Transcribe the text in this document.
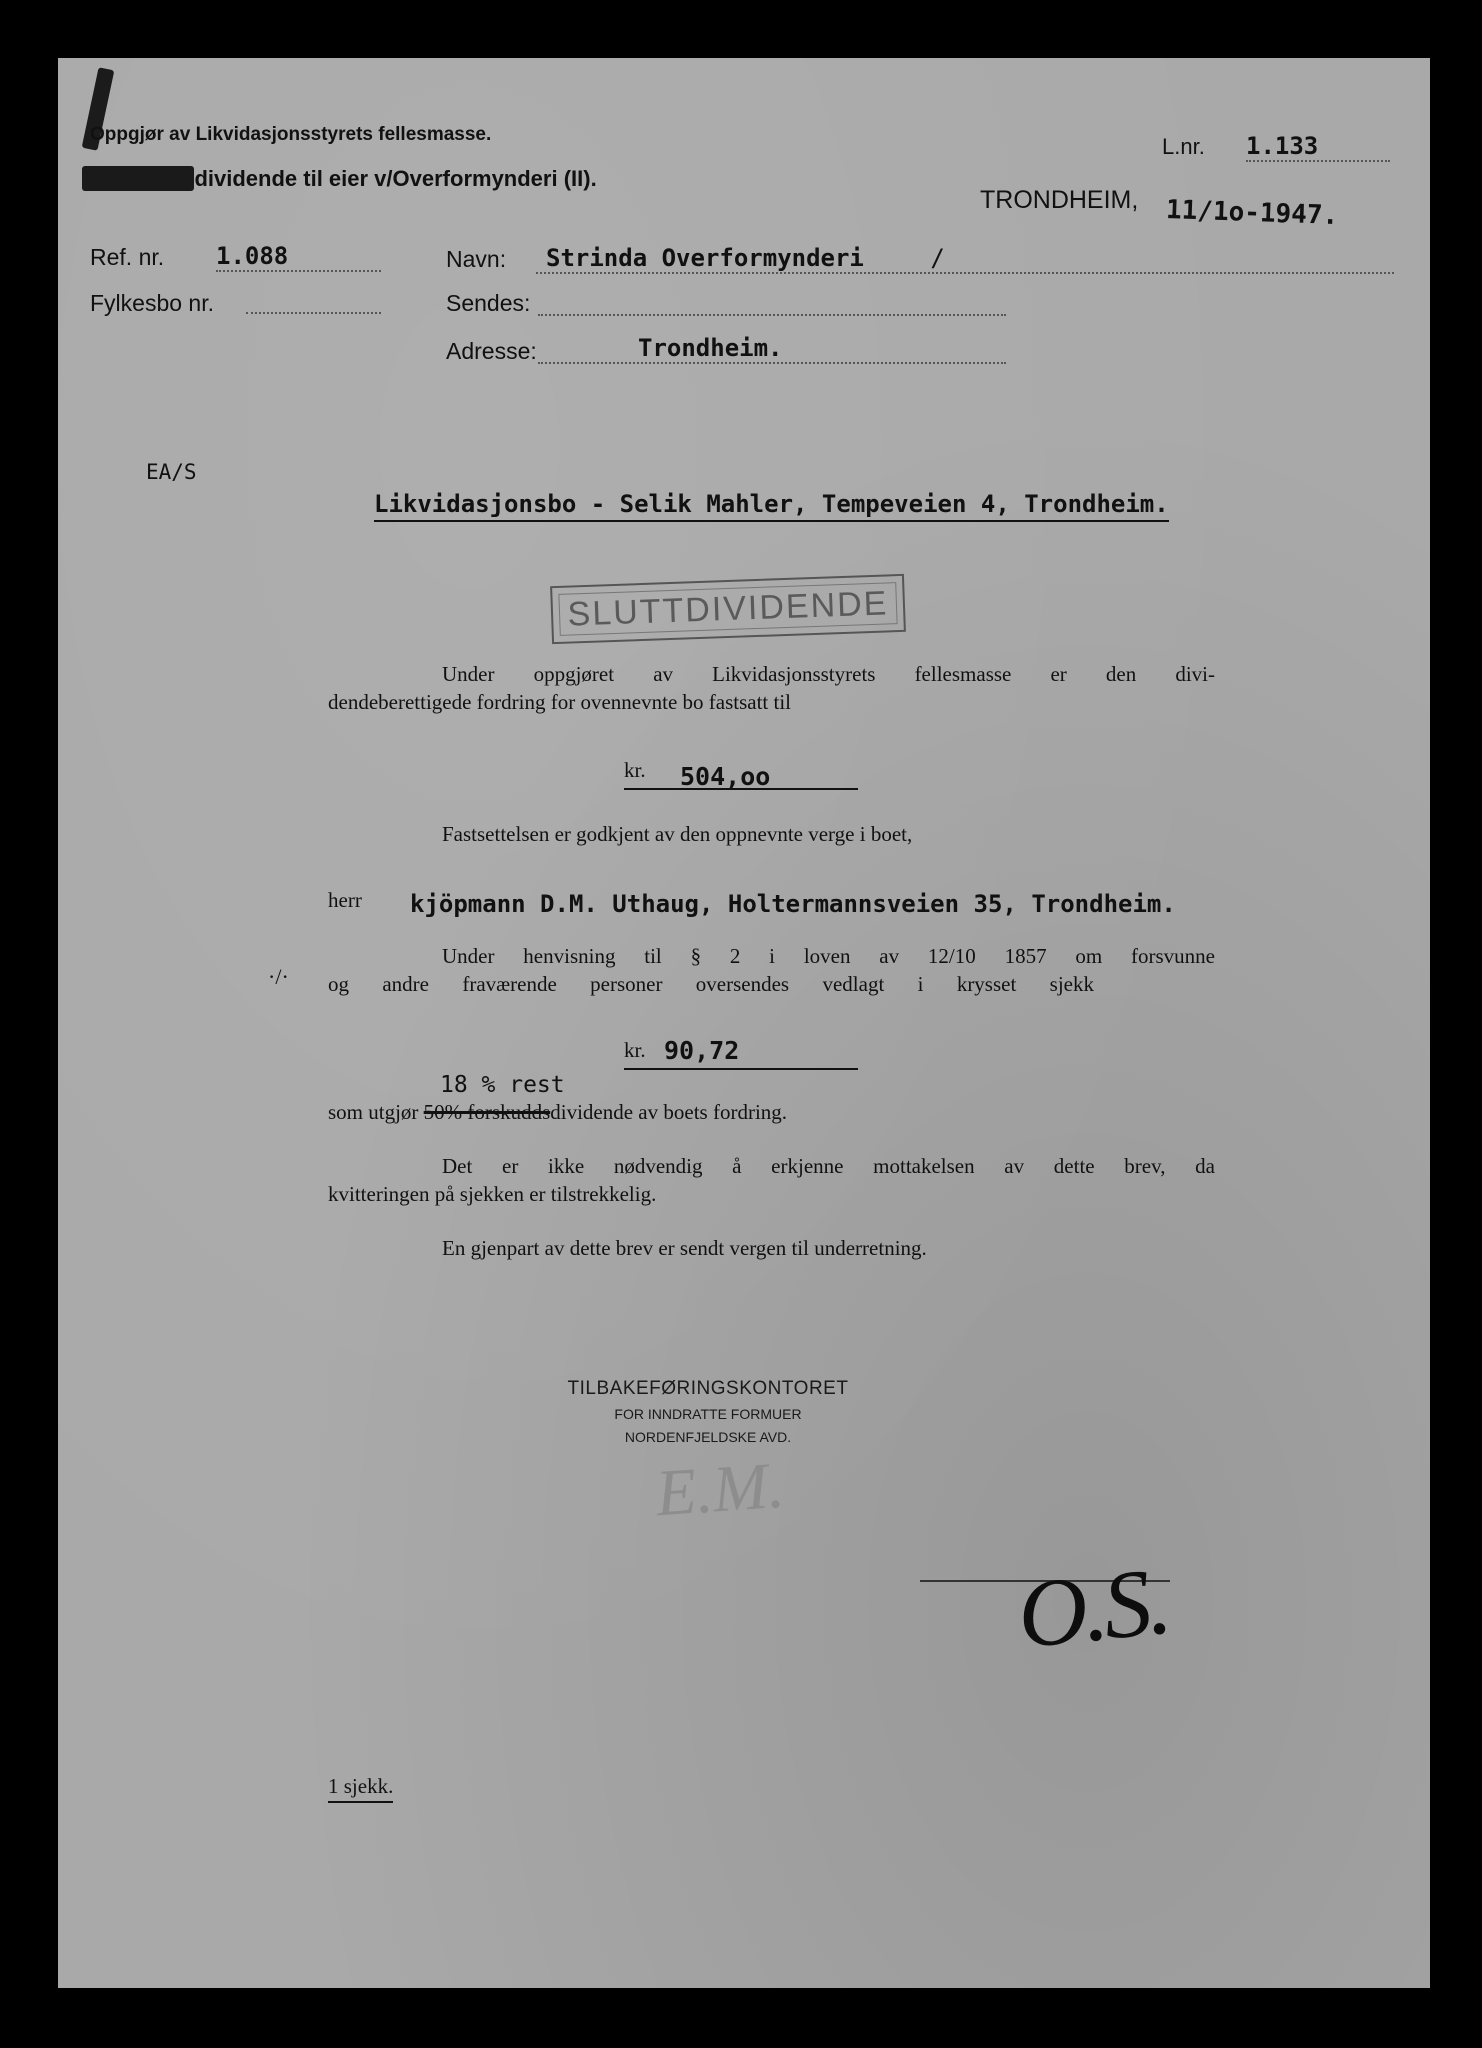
Oppgjør av Likvidasjonsstyrets fellesmasse.
Forskuddsdividende til eier v/Overformynderi (II).
L.nr. 1.133
TRONDHEIM, 11/1o-1947.
Ref. nr. 1.088
Fylkesbo nr.
Navn:	Strinda Overformynderi	/
Sendes:
Adresse:	Trondheim.
EA/S
Likvidasjonsbo - Selik Mahler, Tempeveien 4, Trondheim.
SLUTTDIVIDENDE
Under oppgjøret av Likvidasjonsstyrets fellesmasse er den divi-
dendeberettigede fordring for ovennevnte bo fastsatt til
kr. 504,oo
Fastsettelsen er godkjent av den oppnevnte verge i boet,
herr kjöpmann D.M. Uthaug, Holtermannsveien 35, Trondheim.
Under henvisning til § 2 i loven av 12/10 1857 om forsvunne
·/· og andre fraværende personer oversendes vedlagt i krysset sjekk
kr. 90,72
18 % rest
som utgjør 50% forskuddsdividende av boets fordring.
Det er ikke nødvendig å erkjenne mottakelsen av dette brev, da
kvitteringen på sjekken er tilstrekkelig.
En gjenpart av dette brev er sendt vergen til underretning.
TILBAKEFØRINGSKONTORET
FOR INNDRATTE FORMUER
NORDENFJELDSKE AVD.
E.M.
O.S.
1 sjekk.
